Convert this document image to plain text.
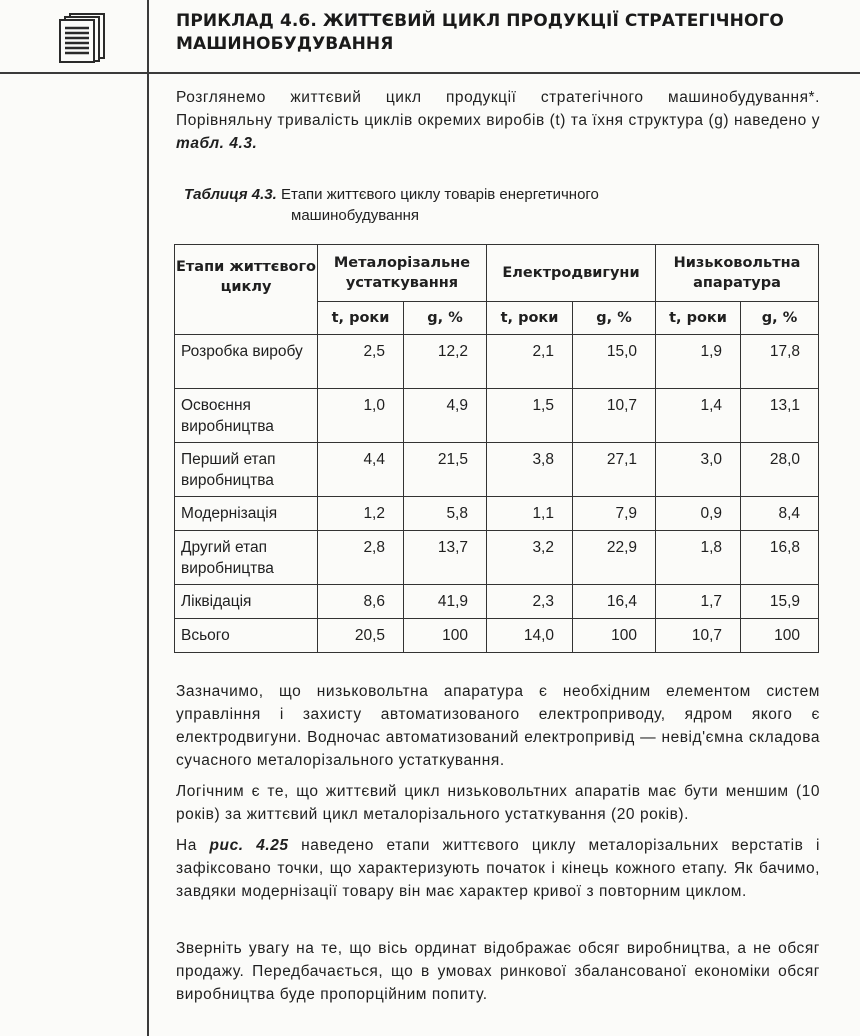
ПРИКЛАД 4.6. ЖИТТЄВИЙ ЦИКЛ ПРОДУКЦІЇ СТРАТЕГІЧНОГО
МАШИНОБУДУВАННЯ

Розглянемо життєвий цикл продукції стратегічного машинобудування*. Порівняльну тривалість циклів окремих виробів (t) та їхня структура (g) наведено у табл. 4.3.

Таблиця 4.3. Етапи життєвого циклу товарів енергетичного
машинобудування
Етапи життєвого циклу	Металорізальне устаткування		Електродвигуни		Низьковольтна апаратура	
	t, роки	g, %	t, роки	g, %	t, роки	g, %
Розробка виробу	2,5	12,2	2,1	15,0	1,9	17,8
Освоєння виробництва	1,0	4,9	1,5	10,7	1,4	13,1
Перший етап виробництва	4,4	21,5	3,8	27,1	3,0	28,0
Модернізація	1,2	5,8	1,1	7,9	0,9	8,4
Другий етап виробництва	2,8	13,7	3,2	22,9	1,8	16,8
Ліквідація	8,6	41,9	2,3	16,4	1,7	15,9
Всього	20,5	100	14,0	100	10,7	100

Зазначимо, що низьковольтна апаратура є необхідним елементом систем управління і захисту автоматизованого електроприводу, ядром якого є електродвигуни. Водночас автоматизований електропривід — невід'ємна складова сучасного металорізального устаткування.

Логічним є те, що життєвий цикл низьковольтних апаратів має бути меншим (10 років) за життєвий цикл металорізального устаткування (20 років).

На рис. 4.25 наведено етапи життєвого циклу металорізальних верстатів і зафіксовано точки, що характеризують початок і кінець кожного етапу. Як бачимо, завдяки модернізації товару він має характер кривої з повторним циклом.

Зверніть увагу на те, що вісь ординат відображає обсяг виробництва, а не обсяг продажу. Передбачається, що в умовах ринкової збалансованої економіки обсяг виробництва буде пропорційним попиту.
